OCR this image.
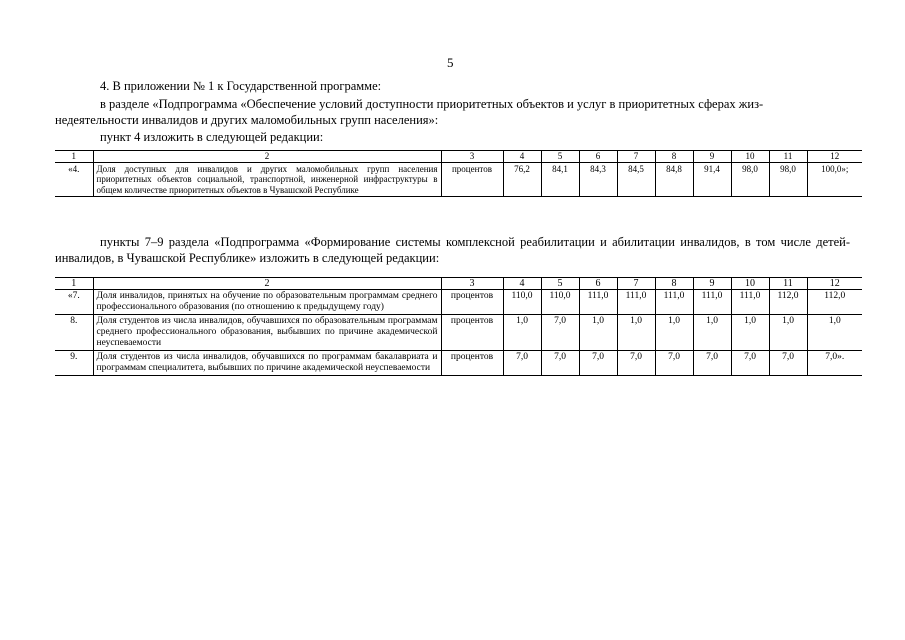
5
4. В приложении № 1 к Государственной программе:
в разделе «Подпрограмма «Обеспечение условий доступности приоритетных объектов и услуг в приоритетных сферах жиз-
недеятельности инвалидов и других маломобильных групп населения»:
пункт 4 изложить в следующей редакции:
1	2	3	4	5	6	7	8	9	10	11	12
«4.	Доля доступных для инвалидов и других маломобильных групп населения приоритетных объектов социальной, транспортной, инженерной инфраструктуры в общем количестве приоритетных объектов в Чувашской Республике	процентов	76,2	84,1	84,3	84,5	84,8	91,4	98,0	98,0	100,0»;
пункты 7–9 раздела «Подпрограмма «Формирование системы комплексной реабилитации и абилитации инвалидов, в том числе детей-инвалидов, в Чувашской Республике» изложить в следующей редакции:
1	2	3	4	5	6	7	8	9	10	11	12
«7.	Доля инвалидов, принятых на обучение по образовательным программам среднего профессионального образования (по отношению к предыдущему году)	процентов	110,0	110,0	111,0	111,0	111,0	111,0	111,0	112,0	112,0
8.	Доля студентов из числа инвалидов, обучавшихся по образовательным программам среднего профессионального образования, выбывших по причине академической неуспеваемости	процентов	1,0	7,0	1,0	1,0	1,0	1,0	1,0	1,0	1,0
9.	Доля студентов из числа инвалидов, обучавшихся по программам бакалавриата и программам специалитета, выбывших по причине академической неуспеваемости	процентов	7,0	7,0	7,0	7,0	7,0	7,0	7,0	7,0	7,0».
